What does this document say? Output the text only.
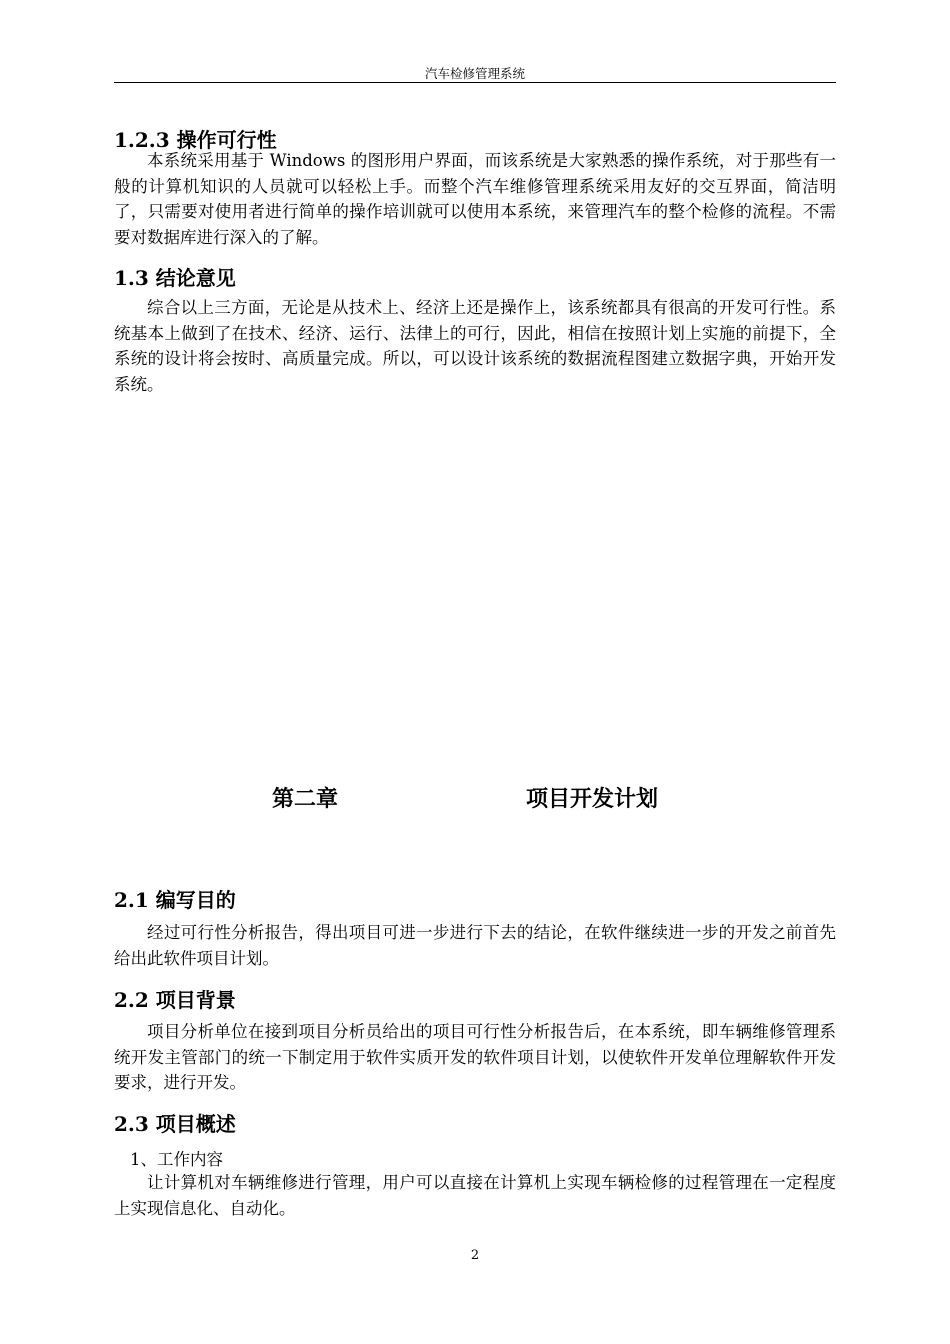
汽车检修管理系统
1.2.3 操作可行性

本系统采用基于 Windows 的图形用户界面，而该系统是大家熟悉的操作系统，对于那些有一般的计算机知识的人员就可以轻松上手。而整个汽车维修管理系统采用友好的交互界面，简洁明了，只需要对使用者进行简单的操作培训就可以使用本系统，来管理汽车的整个检修的流程。不需要对数据库进行深入的了解。

1.3 结论意见

综合以上三方面，无论是从技术上、经济上还是操作上，该系统都具有很高的开发可行性。系统基本上做到了在技术、经济、运行、法律上的可行，因此，相信在按照计划上实施的前提下，全系统的设计将会按时、高质量完成。所以，可以设计该系统的数据流程图建立数据字典，开始开发系统。

第二章	项目开发计划
2.1 编写目的

经过可行性分析报告，得出项目可进一步进行下去的结论，在软件继续进一步的开发之前首先给出此软件项目计划。

2.2 项目背景

项目分析单位在接到项目分析员给出的项目可行性分析报告后，在本系统，即车辆维修管理系统开发主管部门的统一下制定用于软件实质开发的软件项目计划，以使软件开发单位理解软件开发要求，进行开发。

2.3 项目概述
1、工作内容

让计算机对车辆维修进行管理，用户可以直接在计算机上实现车辆检修的过程管理在一定程度上实现信息化、自动化。

2
